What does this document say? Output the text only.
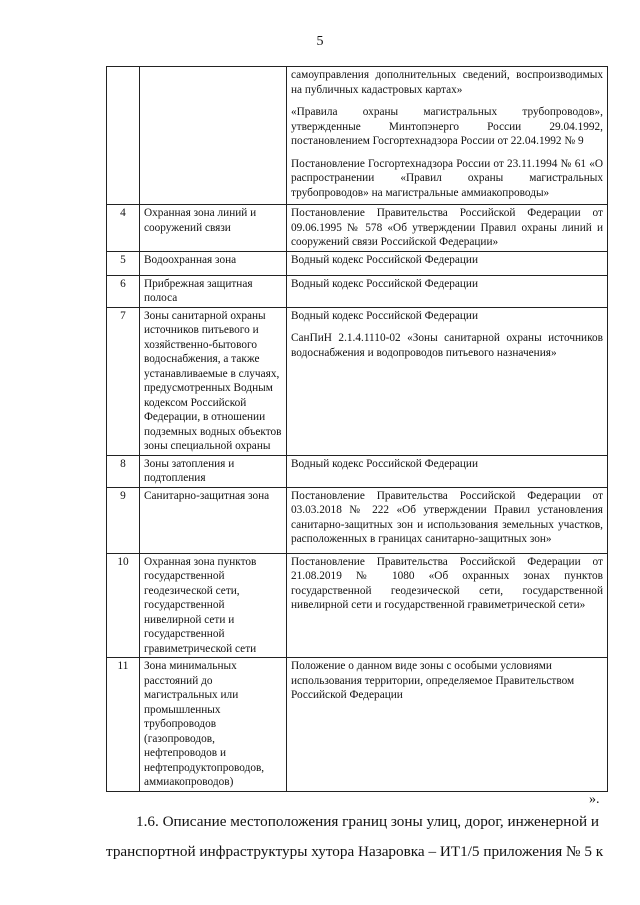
5

		самоуправления дополнительных сведений, воспроизводимых на публичных кадастровых картах»

«Правила охраны магистральных трубопроводов», утвержденные Минтопэнерго России 29.04.1992, постановлением Госгортехнадзора России от 22.04.1992 № 9

Постановление Госгортехнадзора России от 23.11.1994 № 61 «О распространении «Правил охраны магистральных трубопроводов» на магистральные аммиакопроводы»

4	Охранная зона линий и сооружений связи	Постановление Правительства Российской Федерации от 09.06.1995 № 578 «Об утверждении Правил охраны линий и сооружений связи Российской Федерации»

5	Водоохранная зона	Водный кодекс Российской Федерации

6	Прибрежная защитная полоса	Водный кодекс Российской Федерации

7	Зоны санитарной охраны источников питьевого и хозяйственно-бытового водоснабжения, а также устанавливаемые в случаях, предусмотренных Водным кодексом Российской Федерации, в отношении подземных водных объектов зоны специальной охраны	Водный кодекс Российской Федерации

СанПиН 2.1.4.1110-02 «Зоны санитарной охраны источников водоснабжения и водопроводов питьевого назначения»

8	Зоны затопления и подтопления	Водный кодекс Российской Федерации

9	Санитарно-защитная зона	Постановление Правительства Российской Федерации от 03.03.2018 № 222 «Об утверждении Правил установления санитарно-защитных зон и использования земельных участков, расположенных в границах санитарно-защитных зон»

10	Охранная зона пунктов государственной геодезической сети, государственной нивелирной сети и государственной гравиметрической сети	Постановление Правительства Российской Федерации от 21.08.2019 № 1080 «Об охранных зонах пунктов государственной геодезической сети, государственной нивелирной сети и государственной гравиметрической сети»

11	Зона минимальных расстояний до магистральных или промышленных трубопроводов (газопроводов, нефтепроводов и нефтепродуктопроводов, аммиакопроводов)	Положение о данном виде зоны с особыми условиями использования территории, определяемое Правительством Российской Федерации

».
1.6. Описание местоположения границ зоны улиц, дорог, инженерной и
транспортной инфраструктуры хутора Назаровка – ИТ1/5 приложения № 5 к
